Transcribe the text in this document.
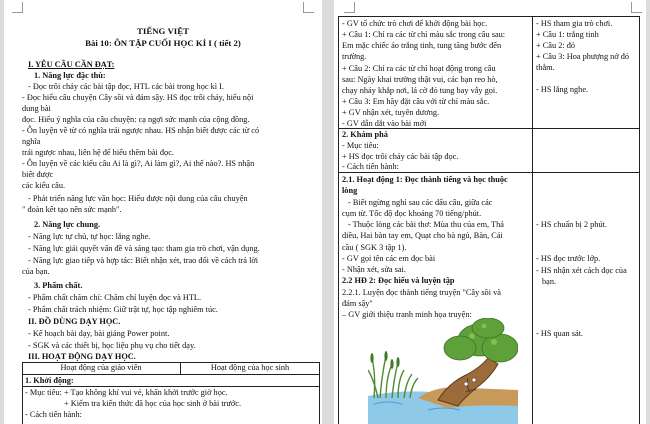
TIẾNG VIỆT
Bài 10: ÔN TẬP CUỐI HỌC KÌ I ( tiết 2)
I. YÊU CẦU CẦN ĐẠT:
1. Năng lực đặc thù:
- Đọc trôi chảy các bài tập đọc, HTL các bài trong học kì I.
- Đọc hiểu câu chuyện Cây sồi và đám sậy. HS đọc trôi chảy, hiểu nội
dung bài
đọc. Hiểu ý nghĩa của câu chuyện: cạ ngợi sức mạnh của cộng đồng.
- Ôn luyện về từ có nghĩa trái ngược nhau. HS nhận biết được các từ có
nghĩa
trái ngược nhau, liên hệ để hiểu thêm bài đọc.
- Ôn luyện về các kiểu câu Ai là gì?, Ai làm gì?, Ai thế nào?. HS nhận
biết được
các kiểu câu.
- Phát triển năng lực văn học: Hiểu được nội dung của câu chuyện
" đoàn kết tạo nên sức mạnh".
2. Năng lực chung.
- Năng lực tự chủ, tự học: lắng nghe.
- Năng lực giải quyết vấn đề và sáng tạo: tham gia trò chơi, vận dụng.
- Năng lực giao tiếp và hợp tác: Biết nhận xét, trao đổi về cách trả lời
của bạn.
3. Phẩm chất.
- Phẩm chất chăm chỉ: Chăm chỉ luyện đọc và HTL.
- Phẩm chất trách nhiệm: Giữ trật tự, học tập nghiêm túc.
II. ĐỒ DÙNG DẠY HỌC.
- Kế hoạch bài dạy, bài giảng Power point.
- SGK và các thiết bị, học liệu phụ vụ cho tiết dạy.
III. HOẠT ĐỘNG DẠY HỌC.
Hoạt động của giáo viên	Hoạt động của học sinh
1. Khởi động:
- Mục tiêu: + Tạo không khí vui vẻ, khấn khởi trước giờ học.
+ Kiểm tra kiến thức đã học của học sinh ở bài trước.
- Cách tiến hành:
- GV tổ chức trò chơi để khởi động bài học.
+ Câu 1: Chỉ ra các từ chỉ màu sắc trong câu sau:
Em mặc chiếc áo trắng tinh, tung tăng bước đến
trường.
+ Câu 2: Chỉ ra các từ chỉ hoạt động trong câu
sau: Ngày khai trường thật vui, các bạn reo hò,
chạy nhảy khắp nơi, lá cờ đỏ tung bay vẫy gọi.
+ Câu 3: Em hãy đặt câu với từ chỉ màu sắc.
+ GV nhận xét, tuyên dương.
- GV dẫn dắt vào bài mới
- HS tham gia trò chơi.
+ Câu 1: trắng tinh
+ Câu 2: đỏ
+ Câu 3: Hoa phượng nở đỏ
thắm.
- HS lắng nghe.
2. Khám phá
- Mục tiêu:
+ HS đọc trôi chảy các bài tập đọc.
- Cách tiến hành:
2.1. Hoạt động 1: Đọc thành tiếng và học thuộc
lòng
- Biết ngừng nghỉ sau các dấu câu, giữa các
cụm từ. Tốc độ đọc khoảng 70 tiếng/phút.
- Thuộc lòng các bài thơ: Mùa thu của em, Thả
diều, Hai bàn tay em, Quạt cho bà ngủ, Bàn, Cái
cầu ( SGK 3 tập 1).
- GV gọi tên các em đọc bài
- Nhận xét, sửa sai.
2.2 HĐ 2: Đọc hiểu và luyện tập
2.2.1. Luyện đọc thành tiếng truyện "Cây sồi và
đám sậy"
– GV giới thiệu tranh minh họa truyện:
- HS chuẩn bị 2 phút.
- HS đọc trước lớp.
- HS nhận xét cách đọc của
bạn.
- HS quan sát.
